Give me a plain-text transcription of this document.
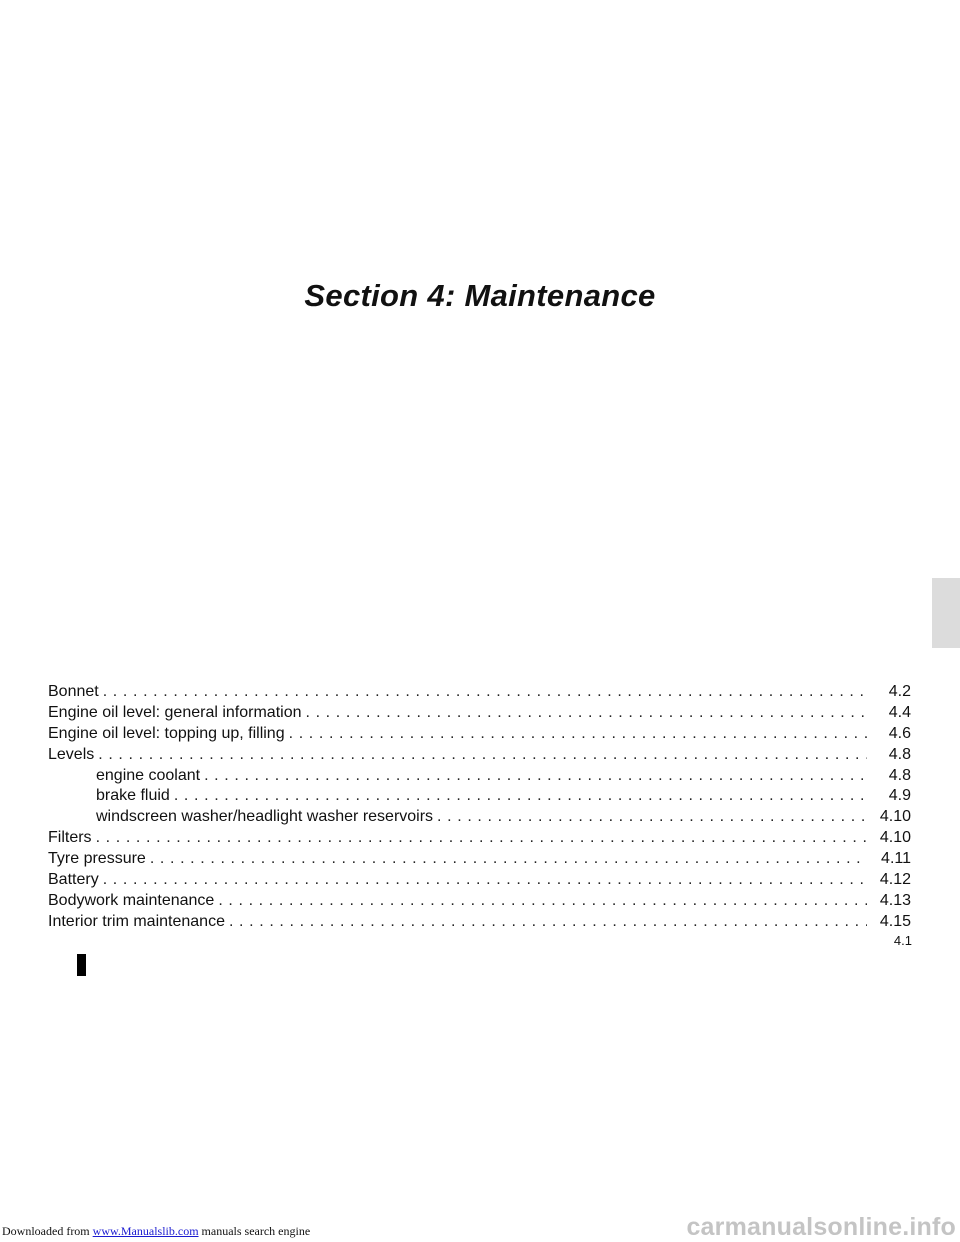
Section 4: Maintenance
Bonnet . . .	4.2
Engine oil level: general information . . .	4.4
Engine oil level: topping up, filling . . .	4.6
Levels . . .	4.8
engine coolant . . .	4.8
brake fluid . . .	4.9
windscreen washer/headlight washer reservoirs . . .	4.10
Filters . . .	4.10
Tyre pressure . . .	4.11
Battery . . .	4.12
Bodywork maintenance . . .	4.13
Interior trim maintenance . . .	4.15
4.1
Downloaded from www.Manualslib.com manuals search engine	carmanualsonline.info
